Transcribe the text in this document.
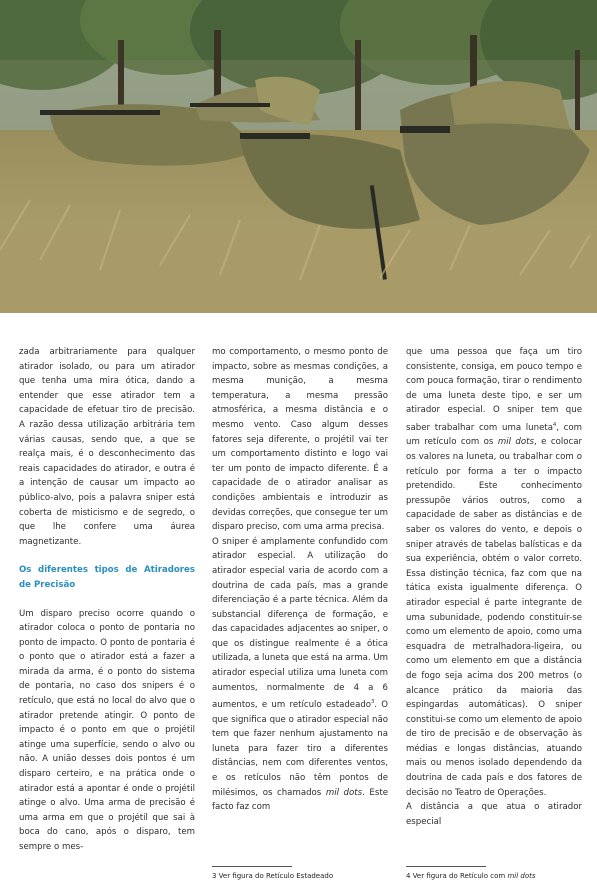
zada arbitrariamente para qualquer atirador isolado, ou para um atirador que tenha uma mira ótica, dando a entender que esse atirador tem a capacidade de efetuar tiro de precisão. A razão dessa utilização arbitrária tem várias causas, sendo que, a que se realça mais, é o desconhecimento das reais capacidades do atirador, e outra é a intenção de causar um impacto ao público-alvo, pois a palavra sniper está coberta de misticismo e de segredo, o que lhe confere uma áurea magnetizante.

Os diferentes tipos de Atiradores de Precisão

Um disparo preciso ocorre quando o atirador coloca o ponto de pontaria no ponto de impacto. O ponto de pontaria é o ponto que o atirador está a fazer a mirada da arma, é o ponto do sistema de pontaria, no caso dos snipers é o retículo, que está no local do alvo que o atirador pretende atingir. O ponto de impacto é o ponto em que o projétil atinge uma superfície, sendo o alvo ou não. A união desses dois pontos é um disparo certeiro, e na prática onde o atirador está a apontar é onde o projétil atinge o alvo. Uma arma de precisão é uma arma em que o projétil que sai à boca do cano, após o disparo, tem sempre o mes-

mo comportamento, o mesmo ponto de impacto, sobre as mesmas condições, a mesma munição, a mesma temperatura, a mesma pressão atmosférica, a mesma distância e o mesmo vento. Caso algum desses fatores seja diferente, o projétil vai ter um comportamento distinto e logo vai ter um ponto de impacto diferente. É a capacidade de o atirador analisar as condições ambientais e introduzir as devidas correções, que consegue ter um disparo preciso, com uma arma precisa.

O sniper é amplamente confundido com atirador especial. A utilização do atirador especial varia de acordo com a doutrina de cada país, mas a grande diferenciação é a parte técnica. Além da substancial diferença de formação, e das capacidades adjacentes ao sniper, o que os distingue realmente é a ótica utilizada, a luneta que está na arma. Um atirador especial utiliza uma luneta com aumentos, normalmente de 4 a 6 aumentos, e um retículo estadeado$^3$. O que significa que o atirador especial não tem que fazer nenhum ajustamento na luneta para fazer tiro a diferentes distâncias, nem com diferentes ventos, e os retículos não têm pontos de milésimos, os chamados mil dots. Este facto faz com

que uma pessoa que faça um tiro consistente, consiga, em pouco tempo e com pouca formação, tirar o rendimento de uma luneta deste tipo, e ser um atirador especial. O sniper tem que saber trabalhar com uma luneta$^4$, com um retículo com os mil dots, e colocar os valores na luneta, ou trabalhar com o retículo por forma a ter o impacto pretendido. Este conhecimento pressupõe vários outros, como a capacidade de saber as distâncias e de saber os valores do vento, e depois o sniper através de tabelas balísticas e da sua experiência, obtém o valor correto. Essa distinção técnica, faz com que na tática exista igualmente diferença. O atirador especial é parte integrante de uma subunidade, podendo constituir-se como um elemento de apoio, como uma esquadra de metralhadora-ligeira, ou como um elemento em que a distância de fogo seja acima dos 200 metros (o alcance prático da maioria das espingardas automáticas). O sniper constitui-se como um elemento de apoio de tiro de precisão e de observação às médias e longas distâncias, atuando mais ou menos isolado dependendo da doutrina de cada país e dos fatores de decisão no Teatro de Operações.

A distância a que atua o atirador especial

3 Ver figura do Retículo Estadeado	4 Ver figura do Retículo com mil dots
